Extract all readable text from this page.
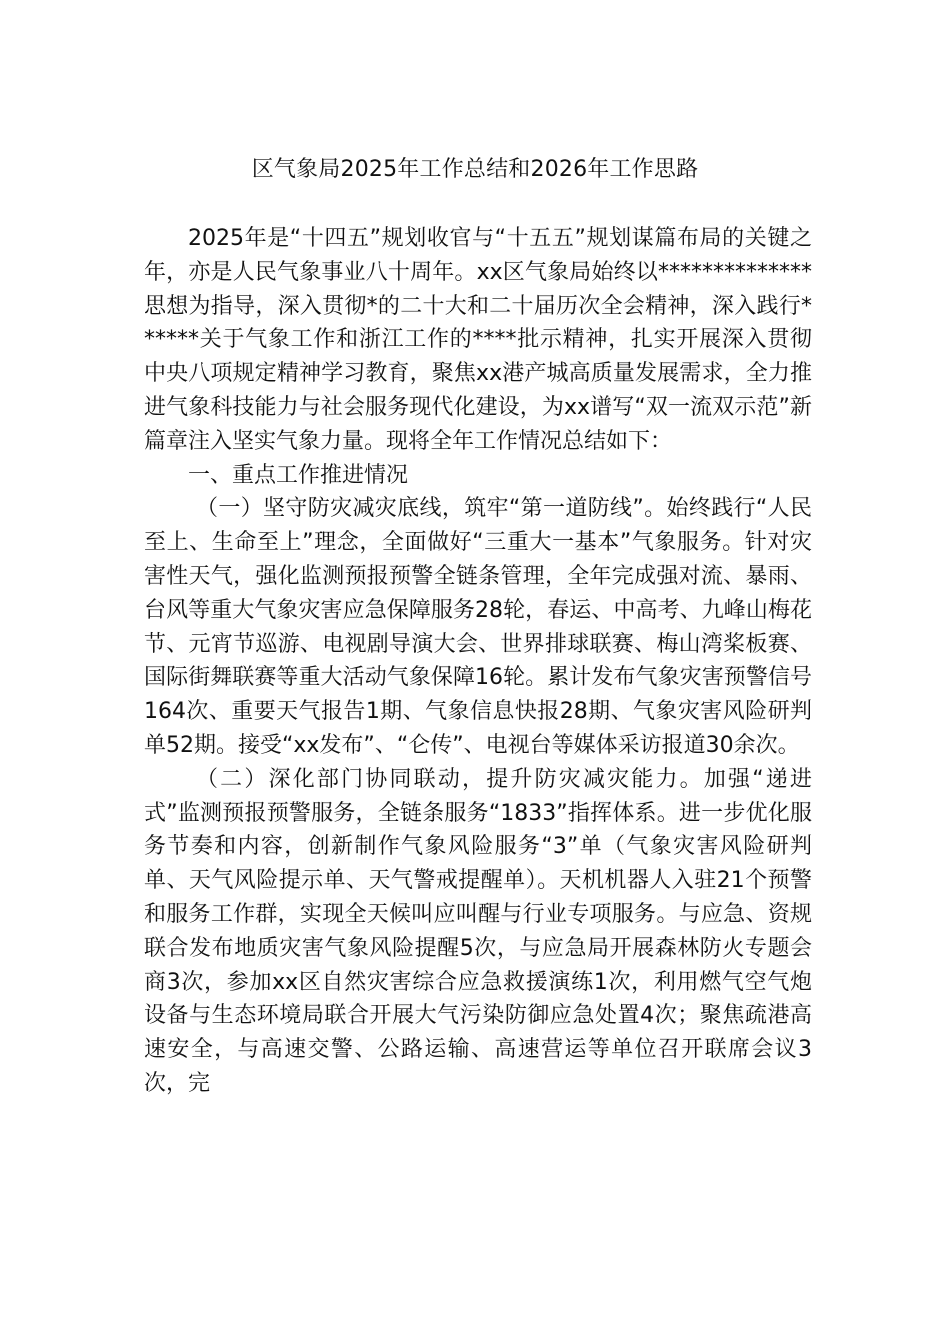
区气象局2025年工作总结和2026年工作思路

2025年是“十四五”规划收官与“十五五”规划谋篇布局的关键之年，亦是人民气象事业八十周年。xx区气象局始终以**************思想为指导，深入贯彻*的二十大和二十届历次全会精神，深入践行******关于气象工作和浙江工作的****批示精神，扎实开展深入贯彻中央八项规定精神学习教育，聚焦xx港产城高质量发展需求，全力推进气象科技能力与社会服务现代化建设，为xx谱写“双一流双示范”新篇章注入坚实气象力量。现将全年工作情况总结如下：

一、重点工作推进情况

（一）坚守防灾减灾底线，筑牢“第一道防线”。始终践行“人民至上、生命至上”理念，全面做好“三重大一基本”气象服务。针对灾害性天气，强化监测预报预警全链条管理，全年完成强对流、暴雨、台风等重大气象灾害应急保障服务28轮，春运、中高考、九峰山梅花节、元宵节巡游、电视剧导演大会、世界排球联赛、梅山湾桨板赛、国际街舞联赛等重大活动气象保障16轮。累计发布气象灾害预警信号164次、重要天气报告1期、气象信息快报28期、气象灾害风险研判单52期。接受“xx发布”、“仑传”、电视台等媒体采访报道30余次。

（二）深化部门协同联动，提升防灾减灾能力。加强“递进式”监测预报预警服务，全链条服务“1833”指挥体系。进一步优化服务节奏和内容，创新制作气象风险服务“3”单（气象灾害风险研判单、天气风险提示单、天气警戒提醒单）。天机机器人入驻21个预警和服务工作群，实现全天候叫应叫醒与行业专项服务。与应急、资规联合发布地质灾害气象风险提醒5次，与应急局开展森林防火专题会商3次，参加xx区自然灾害综合应急救援演练1次，利用燃气空气炮设备与生态环境局联合开展大气污染防御应急处置4次；聚焦疏港高速安全，与高速交警、公路运输、高速营运等单位召开联席会议3次，完
